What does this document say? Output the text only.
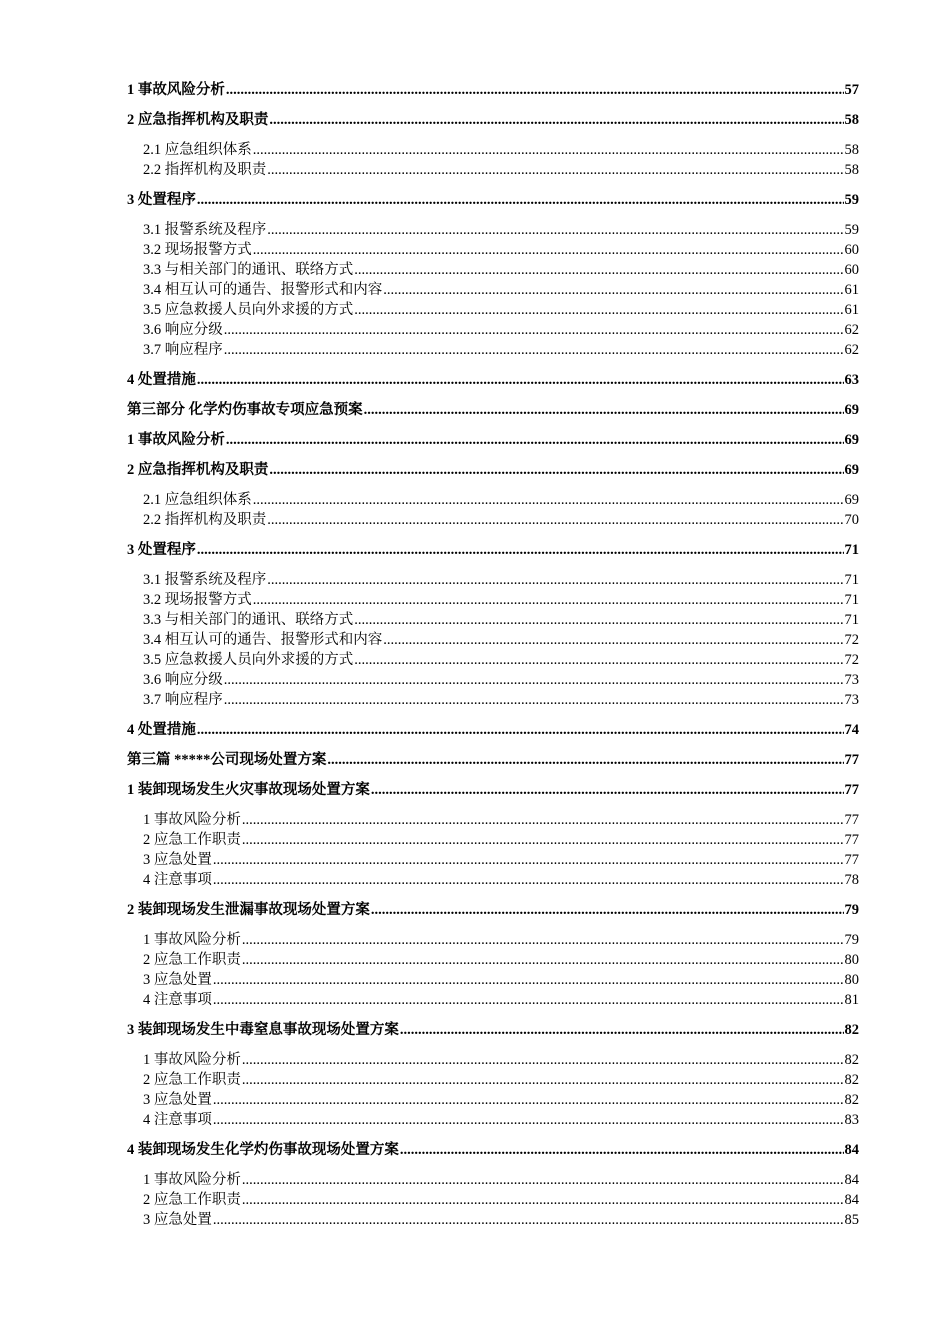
1 事故风险分析 .....	57
2 应急指挥机构及职责 .....	58
2.1 应急组织体系 .....	58
2.2 指挥机构及职责 .....	58
3 处置程序 .....	59
3.1 报警系统及程序 .....	59
3.2 现场报警方式 .....	60
3.3 与相关部门的通讯、联络方式 .....	60
3.4 相互认可的通告、报警形式和内容 .....	61
3.5 应急救援人员向外求援的方式 .....	61
3.6 响应分级 .....	62
3.7 响应程序 .....	62
4 处置措施 .....	63
第三部分 化学灼伤事故专项应急预案 .....	69
1 事故风险分析 .....	69
2 应急指挥机构及职责 .....	69
2.1 应急组织体系 .....	69
2.2 指挥机构及职责 .....	70
3 处置程序 .....	71
3.1 报警系统及程序 .....	71
3.2 现场报警方式 .....	71
3.3 与相关部门的通讯、联络方式 .....	71
3.4 相互认可的通告、报警形式和内容 .....	72
3.5 应急救援人员向外求援的方式 .....	72
3.6 响应分级 .....	73
3.7 响应程序 .....	73
4 处置措施 .....	74
第三篇 *****公司现场处置方案 .....	77
1 装卸现场发生火灾事故现场处置方案 .....	77
1 事故风险分析 .....	77
2 应急工作职责 .....	77
3 应急处置 .....	77
4 注意事项 .....	78
2 装卸现场发生泄漏事故现场处置方案 .....	79
1 事故风险分析 .....	79
2 应急工作职责 .....	80
3 应急处置 .....	80
4 注意事项 .....	81
3 装卸现场发生中毒窒息事故现场处置方案 .....	82
1 事故风险分析 .....	82
2 应急工作职责 .....	82
3 应急处置 .....	82
4 注意事项 .....	83
4 装卸现场发生化学灼伤事故现场处置方案 .....	84
1 事故风险分析 .....	84
2 应急工作职责 .....	84
3 应急处置 .....	85
